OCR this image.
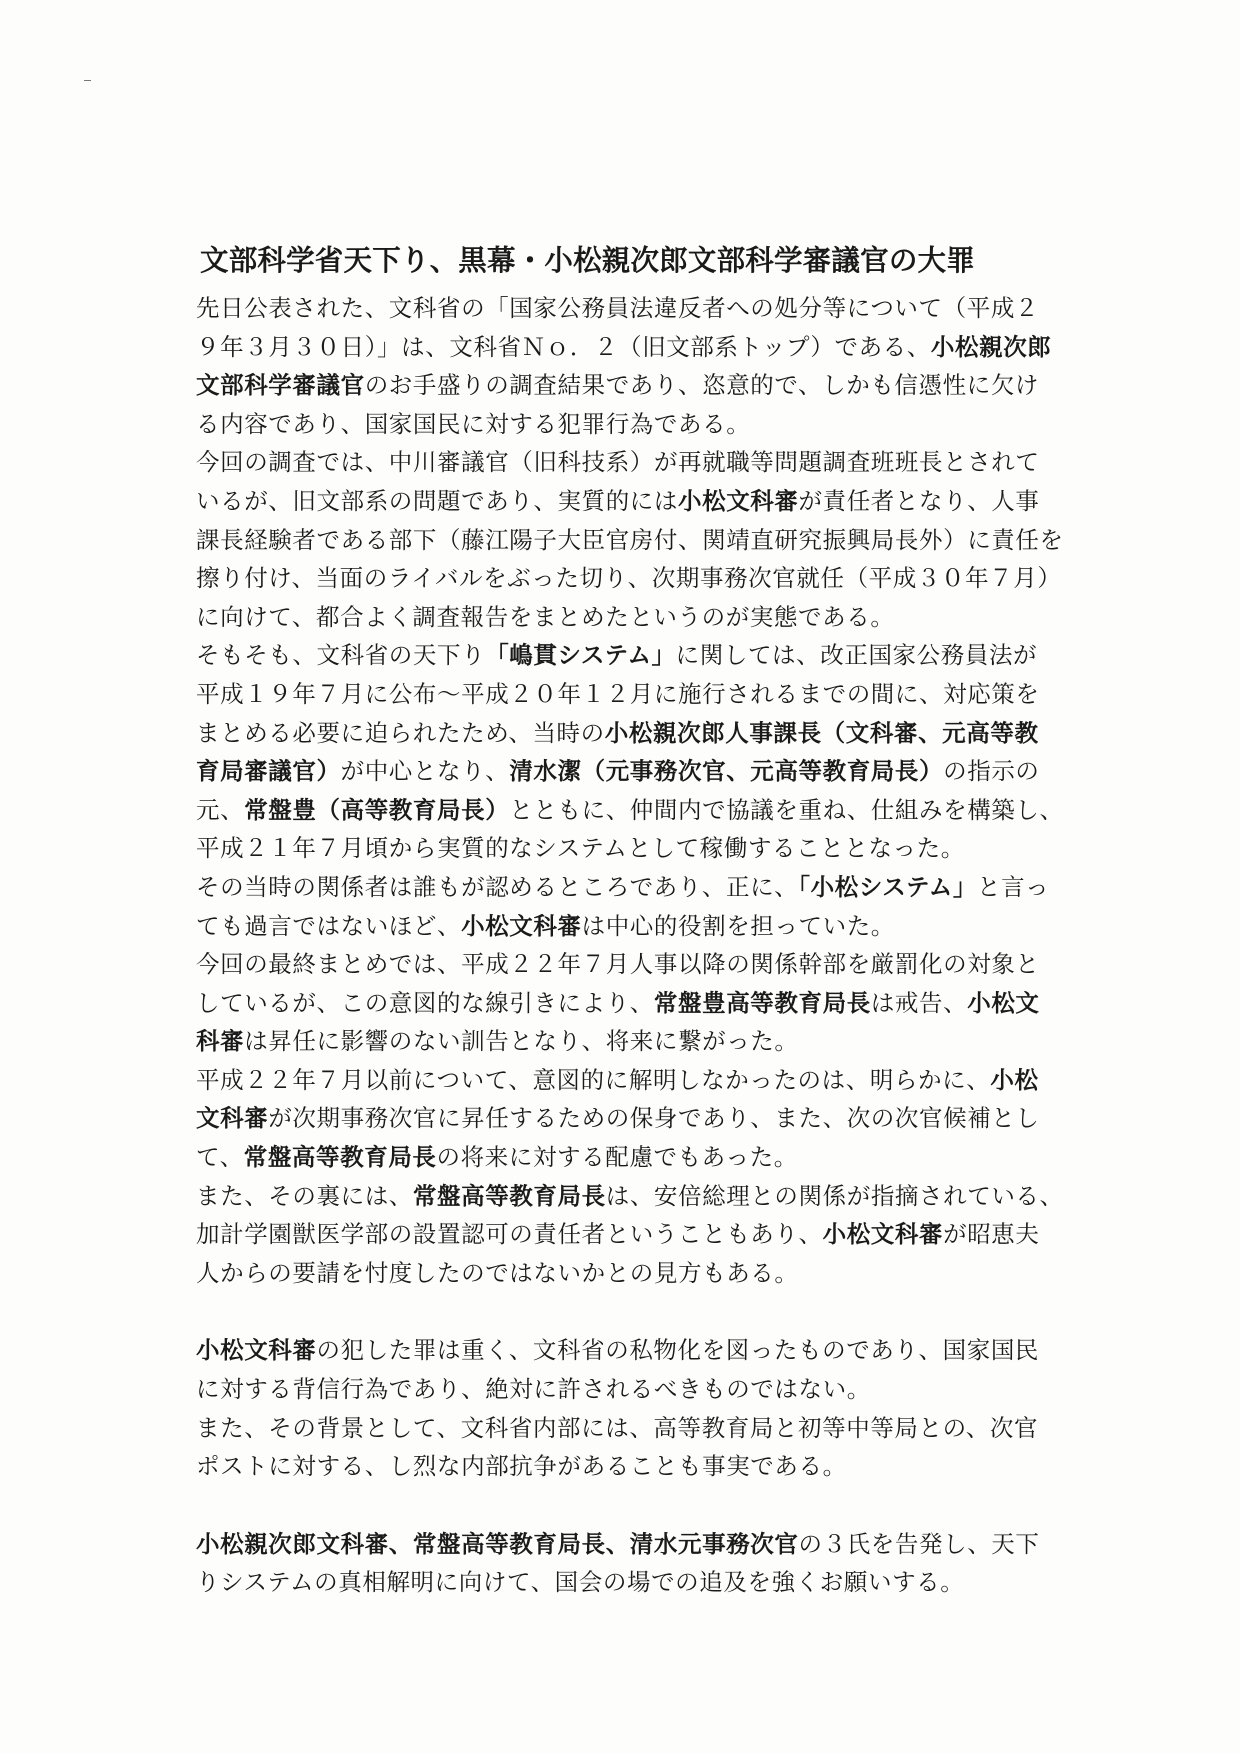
文部科学省天下り、黒幕・小松親次郎文部科学審議官の大罪
先日公表された、文科省の「国家公務員法違反者への処分等について（平成２
９年３月３０日）」は、文科省Ｎｏ．２（旧文部系トップ）である、小松親次郎
文部科学審議官のお手盛りの調査結果であり、恣意的で、しかも信憑性に欠け
る内容であり、国家国民に対する犯罪行為である。
今回の調査では、中川審議官（旧科技系）が再就職等問題調査班班長とされて
いるが、旧文部系の問題であり、実質的には小松文科審が責任者となり、人事
課長経験者である部下（藤江陽子大臣官房付、関靖直研究振興局長外）に責任を
擦り付け、当面のライバルをぶった切り、次期事務次官就任（平成３０年７月）
に向けて、都合よく調査報告をまとめたというのが実態である。
そもそも、文科省の天下り「嶋貫システム」に関しては、改正国家公務員法が
平成１９年７月に公布～平成２０年１２月に施行されるまでの間に、対応策を
まとめる必要に迫られたため、当時の小松親次郎人事課長（文科審、元高等教
育局審議官）が中心となり、清水潔（元事務次官、元高等教育局長）の指示の
元、常盤豊（高等教育局長）とともに、仲間内で協議を重ね、仕組みを構築し、
平成２１年７月頃から実質的なシステムとして稼働することとなった。
その当時の関係者は誰もが認めるところであり、正に、「小松システム」と言っ
ても過言ではないほど、小松文科審は中心的役割を担っていた。
今回の最終まとめでは、平成２２年７月人事以降の関係幹部を厳罰化の対象と
しているが、この意図的な線引きにより、常盤豊高等教育局長は戒告、小松文
科審は昇任に影響のない訓告となり、将来に繋がった。
平成２２年７月以前について、意図的に解明しなかったのは、明らかに、小松
文科審が次期事務次官に昇任するための保身であり、また、次の次官候補とし
て、常盤高等教育局長の将来に対する配慮でもあった。
また、その裏には、常盤高等教育局長は、安倍総理との関係が指摘されている、
加計学園獣医学部の設置認可の責任者ということもあり、小松文科審が昭恵夫
人からの要請を忖度したのではないかとの見方もある。
小松文科審の犯した罪は重く、文科省の私物化を図ったものであり、国家国民
に対する背信行為であり、絶対に許されるべきものではない。
また、その背景として、文科省内部には、高等教育局と初等中等局との、次官
ポストに対する、し烈な内部抗争があることも事実である。
小松親次郎文科審、常盤高等教育局長、清水元事務次官の３氏を告発し、天下
りシステムの真相解明に向けて、国会の場での追及を強くお願いする。
